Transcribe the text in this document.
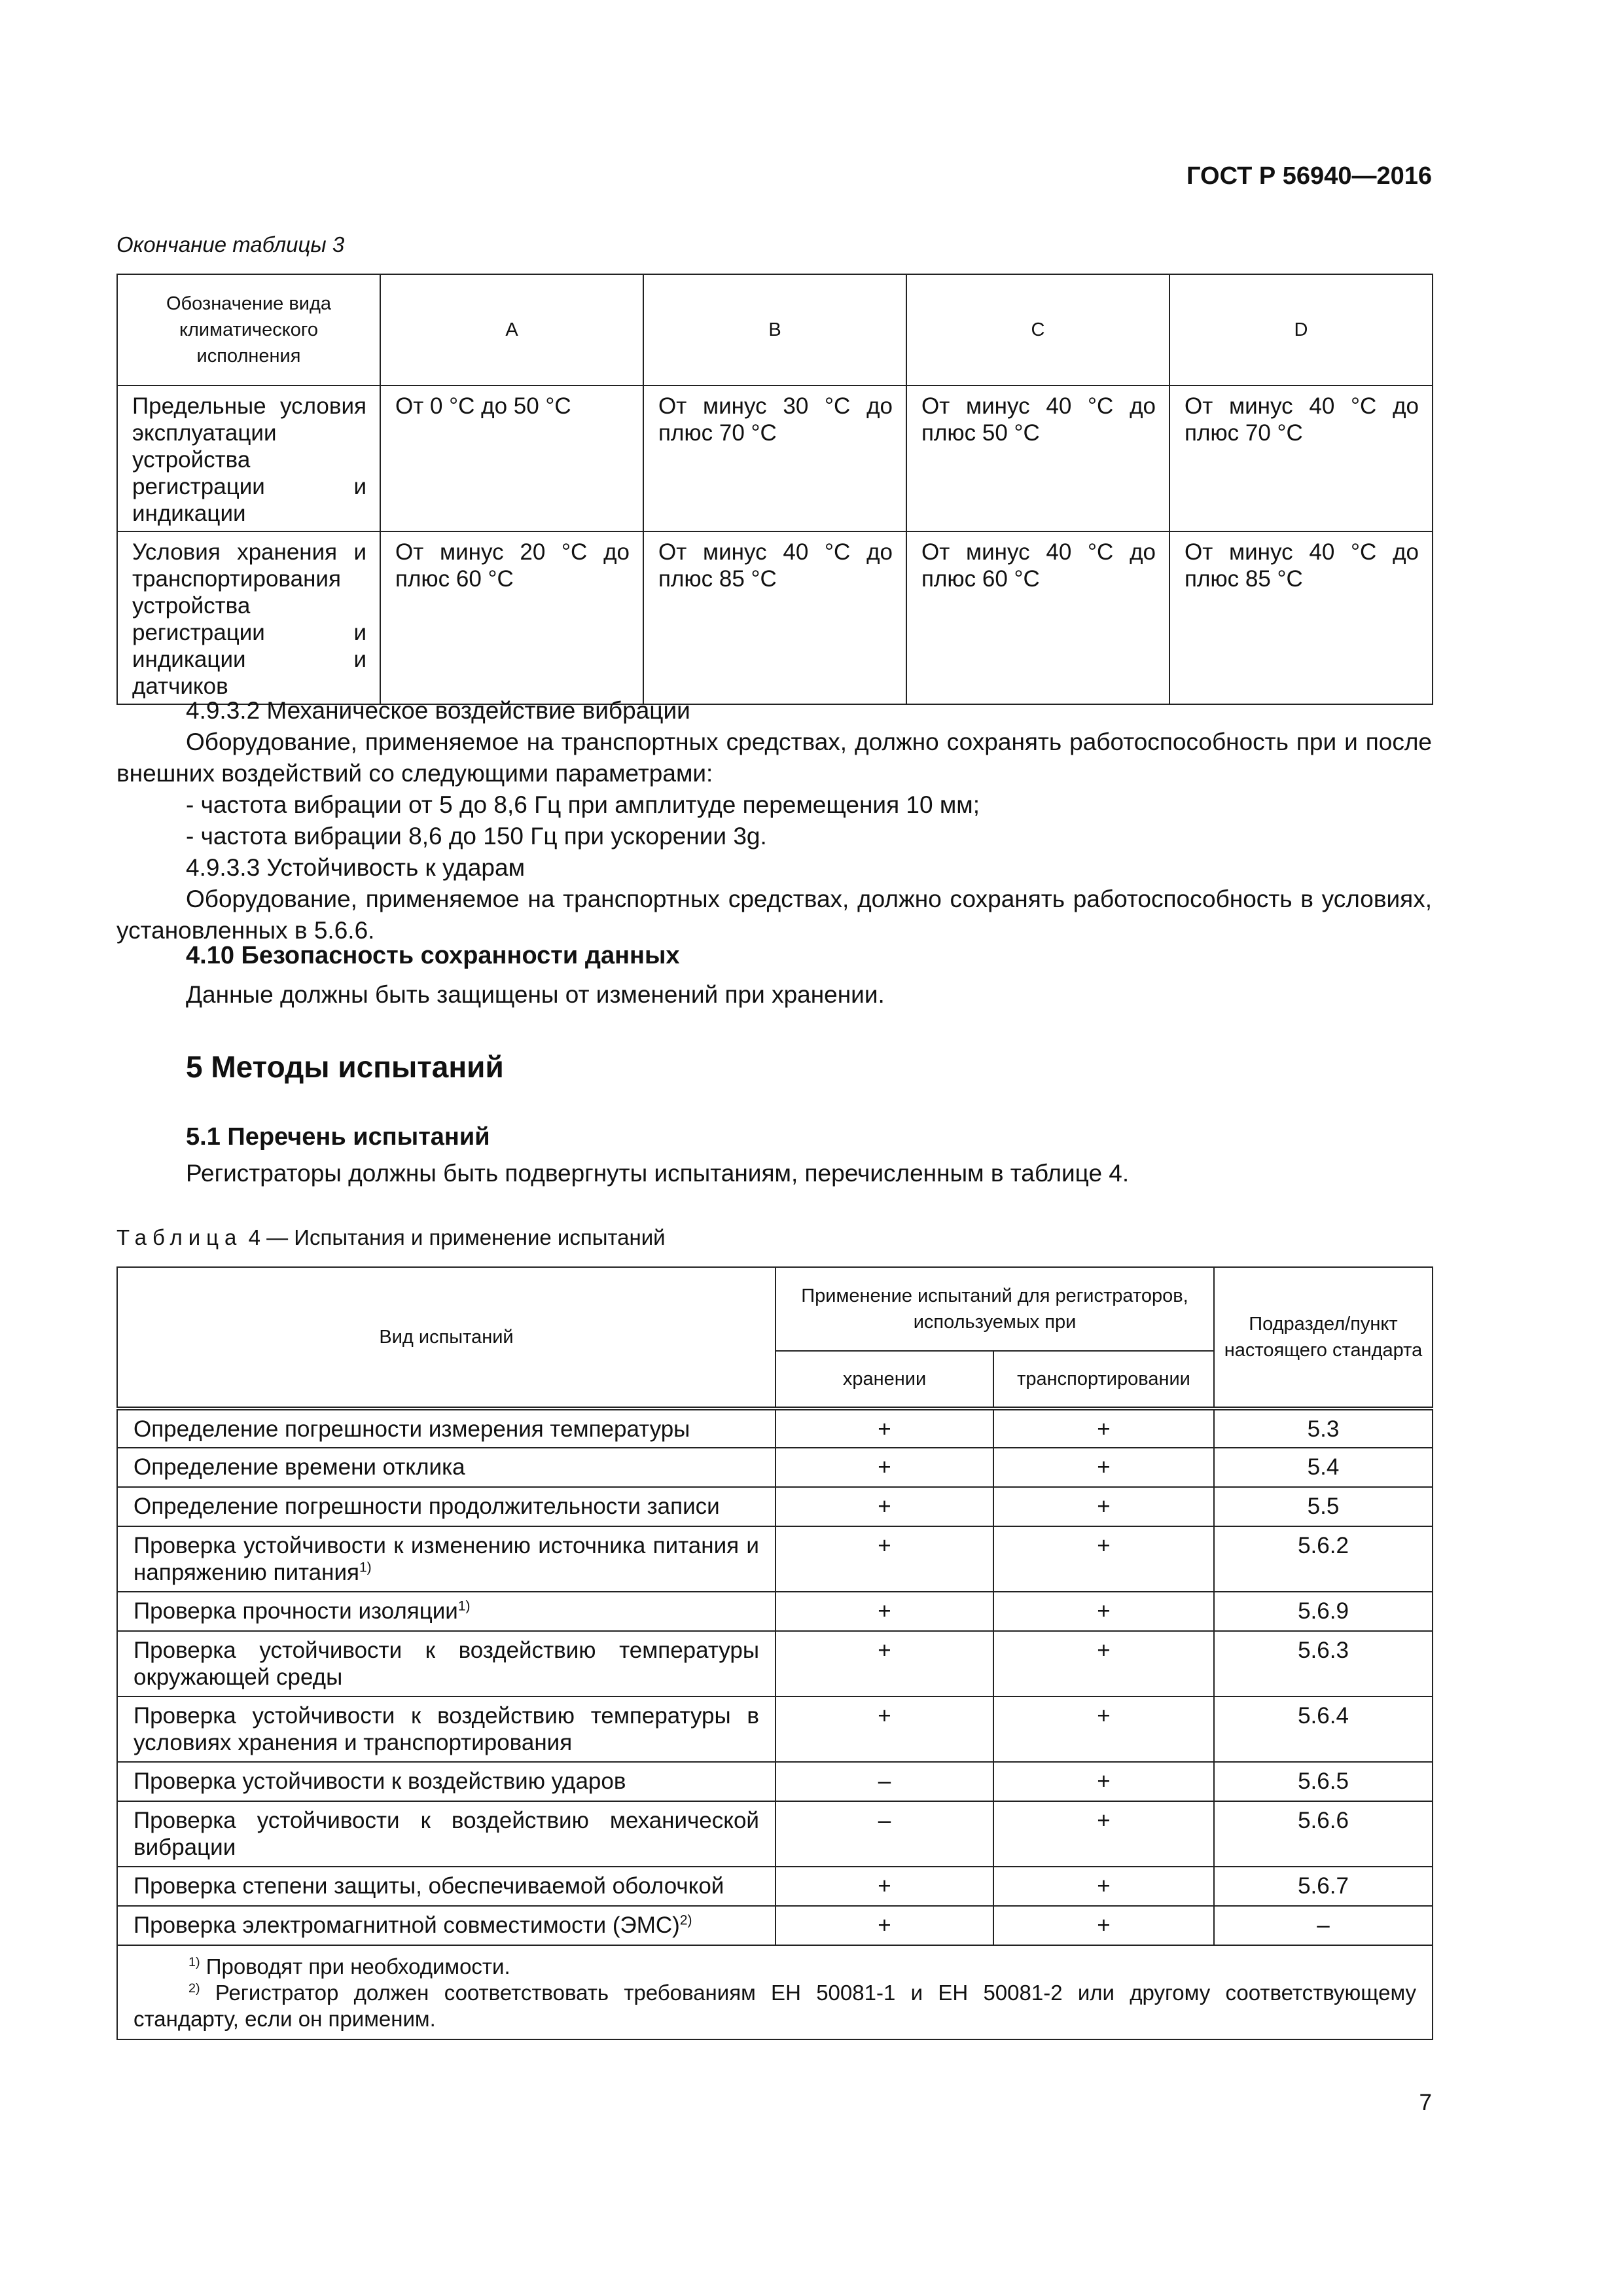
ГОСТ Р 56940—2016
Окончание таблицы 3
Обозначение вида климатического исполнения	A	B	C	D
Предельные условия эксплуатации устройства регистрации и индикации	От 0 °С до 50 °С	От минус 30 °С до плюс 70 °С	От минус 40 °С до плюс 50 °С	От минус 40 °С до плюс 70 °С
Условия хранения и транспортирования устройства регистрации и индикации и датчиков	От минус 20 °С до плюс 60 °С	От минус 40 °С до плюс 85 °С	От минус 40 °С до плюс 60 °С	От минус 40 °С до плюс 85 °С

4.9.3.2 Механическое воздействие вибрации

Оборудование, применяемое на транспортных средствах, должно сохранять работоспособность при и после внешних воздействий со следующими параметрами:

- частота вибрации от 5 до 8,6 Гц при амплитуде перемещения 10 мм;

- частота вибрации 8,6 до 150 Гц при ускорении 3g.

4.9.3.3 Устойчивость к ударам

Оборудование, применяемое на транспортных средствах, должно сохранять работоспособность в условиях, установленных в 5.6.6.

4.10 Безопасность сохранности данных

Данные должны быть защищены от изменений при хранении.

5 Методы испытаний
5.1 Перечень испытаний
Регистраторы должны быть подвергнуты испытаниям, перечисленным в таблице 4.
Таблица 4 — Испытания и применение испытаний
Вид испытаний	Применение испытаний для регистраторов, используемых при		Подраздел/пункт настоящего стандарта
	хранении	транспортировании	
Определение погрешности измерения температуры	+	+	5.3
Определение времени отклика	+	+	5.4
Определение погрешности продолжительности записи	+	+	5.5
Проверка устойчивости к изменению источника питания и напряжению питания$^{1)}$	+	+	5.6.2
Проверка прочности изоляции$^{1)}$	+	+	5.6.9
Проверка устойчивости к воздействию температуры окружающей среды	+	+	5.6.3
Проверка устойчивости к воздействию температуры в условиях хранения и транспортирования	+	+	5.6.4
Проверка устойчивости к воздействию ударов	–	+	5.6.5
Проверка устойчивости к воздействию механической вибрации	–	+	5.6.6
Проверка степени защиты, обеспечиваемой оболочкой	+	+	5.6.7
Проверка электромагнитной совместимости (ЭМС)$^{2)}$	+	+	–

$^{1)}$ Проводят при необходимости.
$^{2)}$ Регистратор должен соответствовать требованиям ЕН 50081-1 и ЕН 50081-2 или другому соответствующему стандарту, если он применим.			
7
